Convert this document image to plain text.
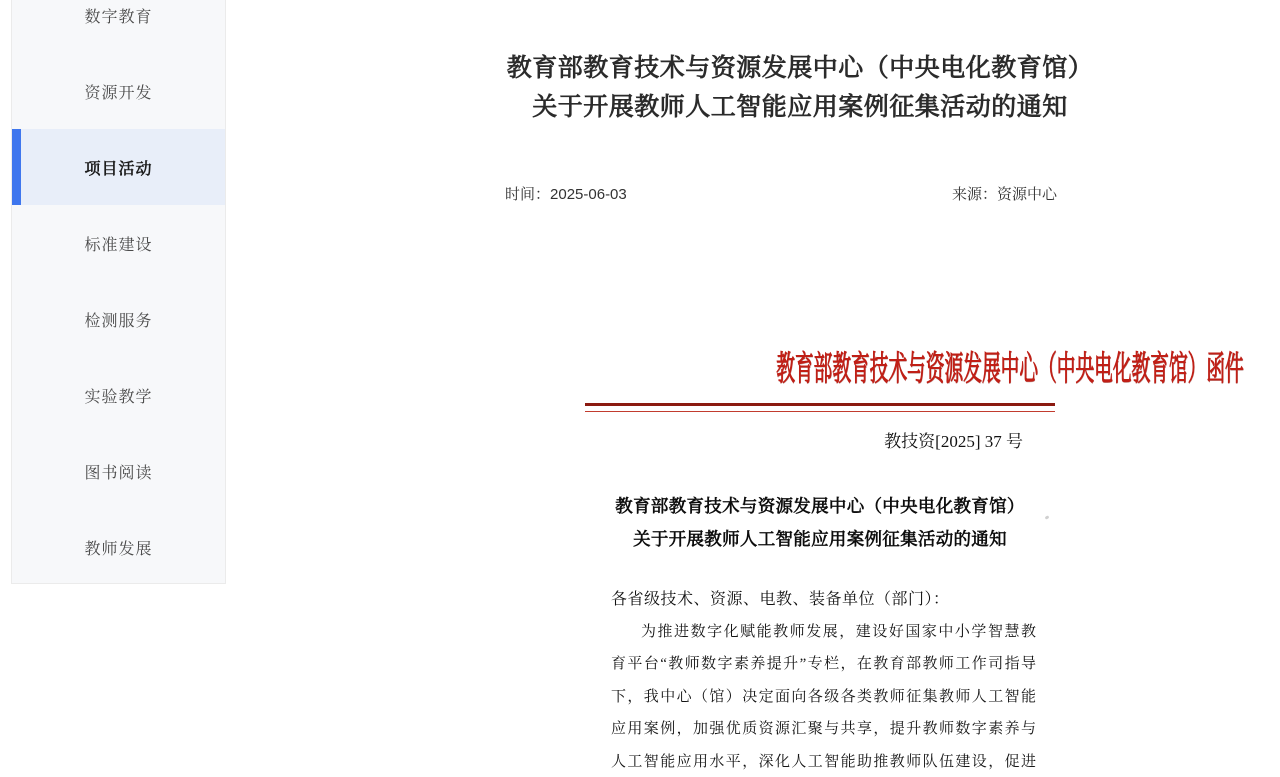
数字教育
资源开发
项目活动
标准建设
检测服务
实验教学
图书阅读
教师发展
教育部教育技术与资源发展中心（中央电化教育馆）
关于开展教师人工智能应用案例征集活动的通知
时间：2025-06-03	来源：资源中心
教育部教育技术与资源发展中心（中央电化教育馆）函件
教技资[2025] 37 号
教育部教育技术与资源发展中心（中央电化教育馆）
关于开展教师人工智能应用案例征集活动的通知
各省级技术、资源、电教、装备单位（部门）：
为推进数字化赋能教师发展，建设好国家中小学智慧教
育平台“教师数字素养提升”专栏，在教育部教师工作司指导
下，我中心（馆）决定面向各级各类教师征集教师人工智能
应用案例，加强优质资源汇聚与共享，提升教师数字素养与
人工智能应用水平，深化人工智能助推教师队伍建设，促进
